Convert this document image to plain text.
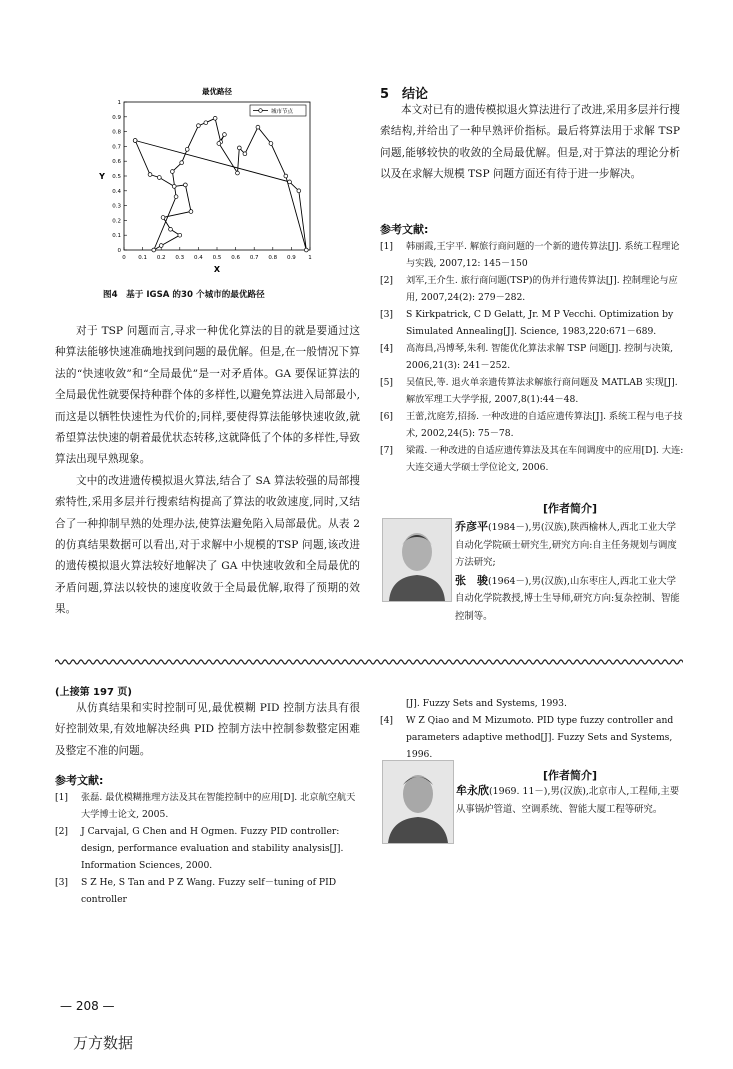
最优路径
0 0.1 0.2 0.3 0.4 0.5 0.6 0.7 0.8 0.9 1
0
0.1
0.2
0.3
0.4
0.5
0.6
0.7
0.8
0.9
1
X
Y
城市节点
图4　基于 IGSA 的30 个城市的最优路径

对于 TSP 问题而言,寻求一种优化算法的目的就是要通过这种算法能够快速准确地找到问题的最优解。但是,在一般情况下算法的“快速收敛”和“全局最优”是一对矛盾体。GA 要保证算法的全局最优性就要保持种群个体的多样性,以避免算法进入局部最小,而这是以牺牲快速性为代价的;同样,要使得算法能够快速收敛,就希望算法快速的朝着最优状态转移,这就降低了个体的多样性,导致算法出现早熟现象。

文中的改进遗传模拟退火算法,结合了 SA 算法较强的局部搜索特性,采用多层并行搜索结构提高了算法的收敛速度,同时,又结合了一种抑制早熟的处理办法,使算法避免陷入局部最优。从表 2 的仿真结果数据可以看出,对于求解中小规模的TSP 问题,该改进的遗传模拟退火算法较好地解决了 GA 中快速收敛和全局最优的矛盾问题,算法以较快的速度收敛于全局最优解,取得了预期的效果。

5　结论

本文对已有的遗传模拟退火算法进行了改进,采用多层并行搜索结构,并给出了一种早熟评价指标。最后将算法用于求解 TSP 问题,能够较快的收敛的全局最优解。但是,对于算法的理论分析以及在求解大规模 TSP 问题方面还有待于进一步解决。

参考文献:
[1]	韩丽霞,王宇平. 解旅行商问题的一个新的遗传算法[J]. 系统工程理论与实践, 2007,12: 145－150
[2]	刘军,王介生. 旅行商问题(TSP)的伪并行遗传算法[J]. 控制理论与应用, 2007,24(2): 279－282.
[3]	S Kirkpatrick, C D Gelatt, Jr. M P Vecchi. Optimization by Simulated Annealing[J]. Science, 1983,220:671－689.
[4]	高海昌,冯博琴,朱利. 智能优化算法求解 TSP 问题[J]. 控制与决策, 2006,21(3): 241－252.
[5]	吴值民,等. 退火单亲遗传算法求解旅行商问题及 MATLAB 实现[J]. 解放军理工大学学报, 2007,8(1):44－48.
[6]	王蕾,沈庭芳,招扬. 一种改进的自适应遗传算法[J]. 系统工程与电子技术, 2002,24(5): 75－78.
[7]	梁霞. 一种改进的自适应遗传算法及其在车间调度中的应用[D]. 大连:大连交通大学硕士学位论文, 2006.
[作者简介]
乔彦平(1984－),男(汉族),陕西榆林人,西北工业大学自动化学院硕士研究生,研究方向:自主任务规划与调度方法研究;
张　骏(1964－),男(汉族),山东枣庄人,西北工业大学自动化学院教授,博士生导师,研究方向:复杂控制、智能控制等。
(上接第 197 页)

从仿真结果和实时控制可见,最优模糊 PID 控制方法具有很好控制效果,有效地解决经典 PID 控制方法中控制参数整定困难及整定不准的问题。

参考文献:
[1]	张磊. 最优模糊推理方法及其在智能控制中的应用[D]. 北京航空航天大学博士论文, 2005.
[2]	J Carvajal, G Chen and H Ogmen. Fuzzy PID controller: design, performance evaluation and stability analysis[J]. Information Sciences, 2000.
[3]	S Z He, S Tan and P Z Wang. Fuzzy self－tuning of PID controller
[J]. Fuzzy Sets and Systems, 1993.
[4]	W Z Qiao and M Mizumoto. PID type fuzzy controller and parameters adaptive method[J]. Fuzzy Sets and Systems, 1996.
[作者简介]
牟永欣(1969. 11－),男(汉族),北京市人,工程师,主要从事锅炉管道、空调系统、智能大厦工程等研究。
— 208 —
万方数据
